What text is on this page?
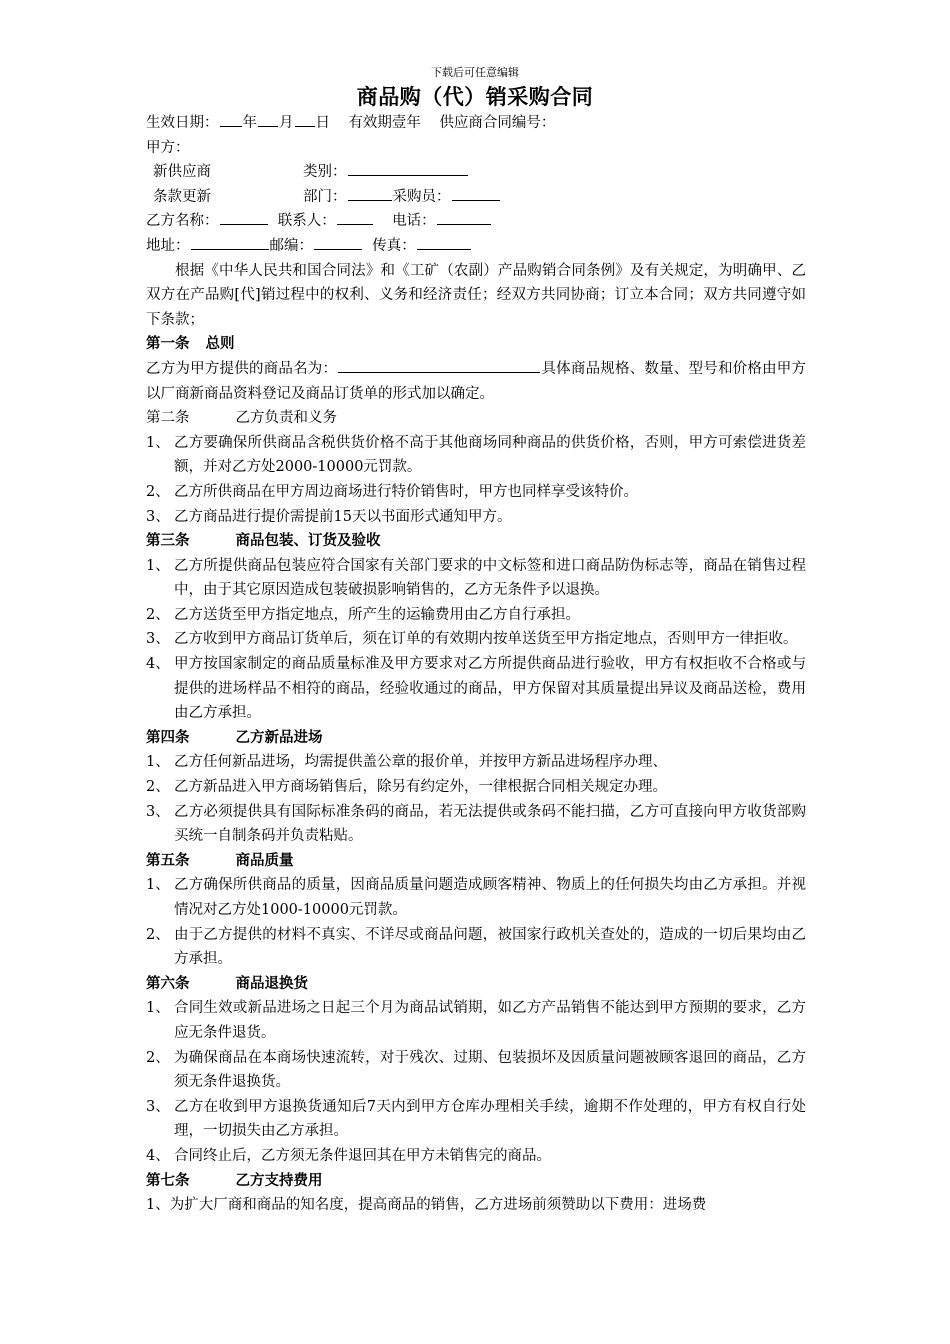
下载后可任意编辑
商品购（代）销采购合同
生效日期： 年 月 日 有效期壹年 供应商合同编号：
甲方：
新供应商	类别：
条款更新	部门：	采购员：
乙方名称：	联系人：	电话：
地址：	邮编：	传真：
根据《中华人民共和国合同法》和《工矿（农副）产品购销合同条例》及有关规定，为明确甲、乙双方在产品购[代]销过程中的权利、义务和经济责任；经双方共同协商；订立本合同；双方共同遵守如下条款；
第一条 总则
乙方为甲方提供的商品名为：	具体商品规格、数量、型号和价格由甲方以厂商新商品资料登记及商品订货单的形式加以确定。
第二条	乙方负责和义务
1、 乙方要确保所供商品含税供货价格不高于其他商场同种商品的供货价格，否则，甲方可索偿进货差额，并对乙方处2000-10000元罚款。
2、 乙方所供商品在甲方周边商场进行特价销售时，甲方也同样享受该特价。
3、 乙方商品进行提价需提前15天以书面形式通知甲方。
第三条	商品包装、订货及验收
1、 乙方所提供商品包装应符合国家有关部门要求的中文标签和进口商品防伪标志等，商品在销售过程中，由于其它原因造成包装破损影响销售的，乙方无条件予以退换。
2、 乙方送货至甲方指定地点，所产生的运输费用由乙方自行承担。
3、 乙方收到甲方商品订货单后，须在订单的有效期内按单送货至甲方指定地点，否则甲方一律拒收。
4、 甲方按国家制定的商品质量标准及甲方要求对乙方所提供商品进行验收，甲方有权拒收不合格或与提供的进场样品不相符的商品，经验收通过的商品，甲方保留对其质量提出异议及商品送检，费用由乙方承担。
第四条	乙方新品进场
1、 乙方任何新品进场，均需提供盖公章的报价单，并按甲方新品进场程序办理、
2、 乙方新品进入甲方商场销售后，除另有约定外，一律根据合同相关规定办理。
3、 乙方必须提供具有国际标准条码的商品，若无法提供或条码不能扫描，乙方可直接向甲方收货部购买统一自制条码并负责粘贴。
第五条	商品质量
1、 乙方确保所供商品的质量，因商品质量问题造成顾客精神、物质上的任何损失均由乙方承担。并视情况对乙方处1000-10000元罚款。
2、 由于乙方提供的材料不真实、不详尽或商品问题，被国家行政机关查处的，造成的一切后果均由乙方承担。
第六条	商品退换货
1、 合同生效或新品进场之日起三个月为商品试销期，如乙方产品销售不能达到甲方预期的要求，乙方应无条件退货。
2、 为确保商品在本商场快速流转，对于残次、过期、包装损坏及因质量问题被顾客退回的商品，乙方须无条件退换货。
3、 乙方在收到甲方退换货通知后7天内到甲方仓库办理相关手续，逾期不作处理的，甲方有权自行处理，一切损失由乙方承担。
4、 合同终止后，乙方须无条件退回其在甲方未销售完的商品。
第七条	乙方支持费用
1、为扩大厂商和商品的知名度，提高商品的销售，乙方进场前须赞助以下费用：进场费
